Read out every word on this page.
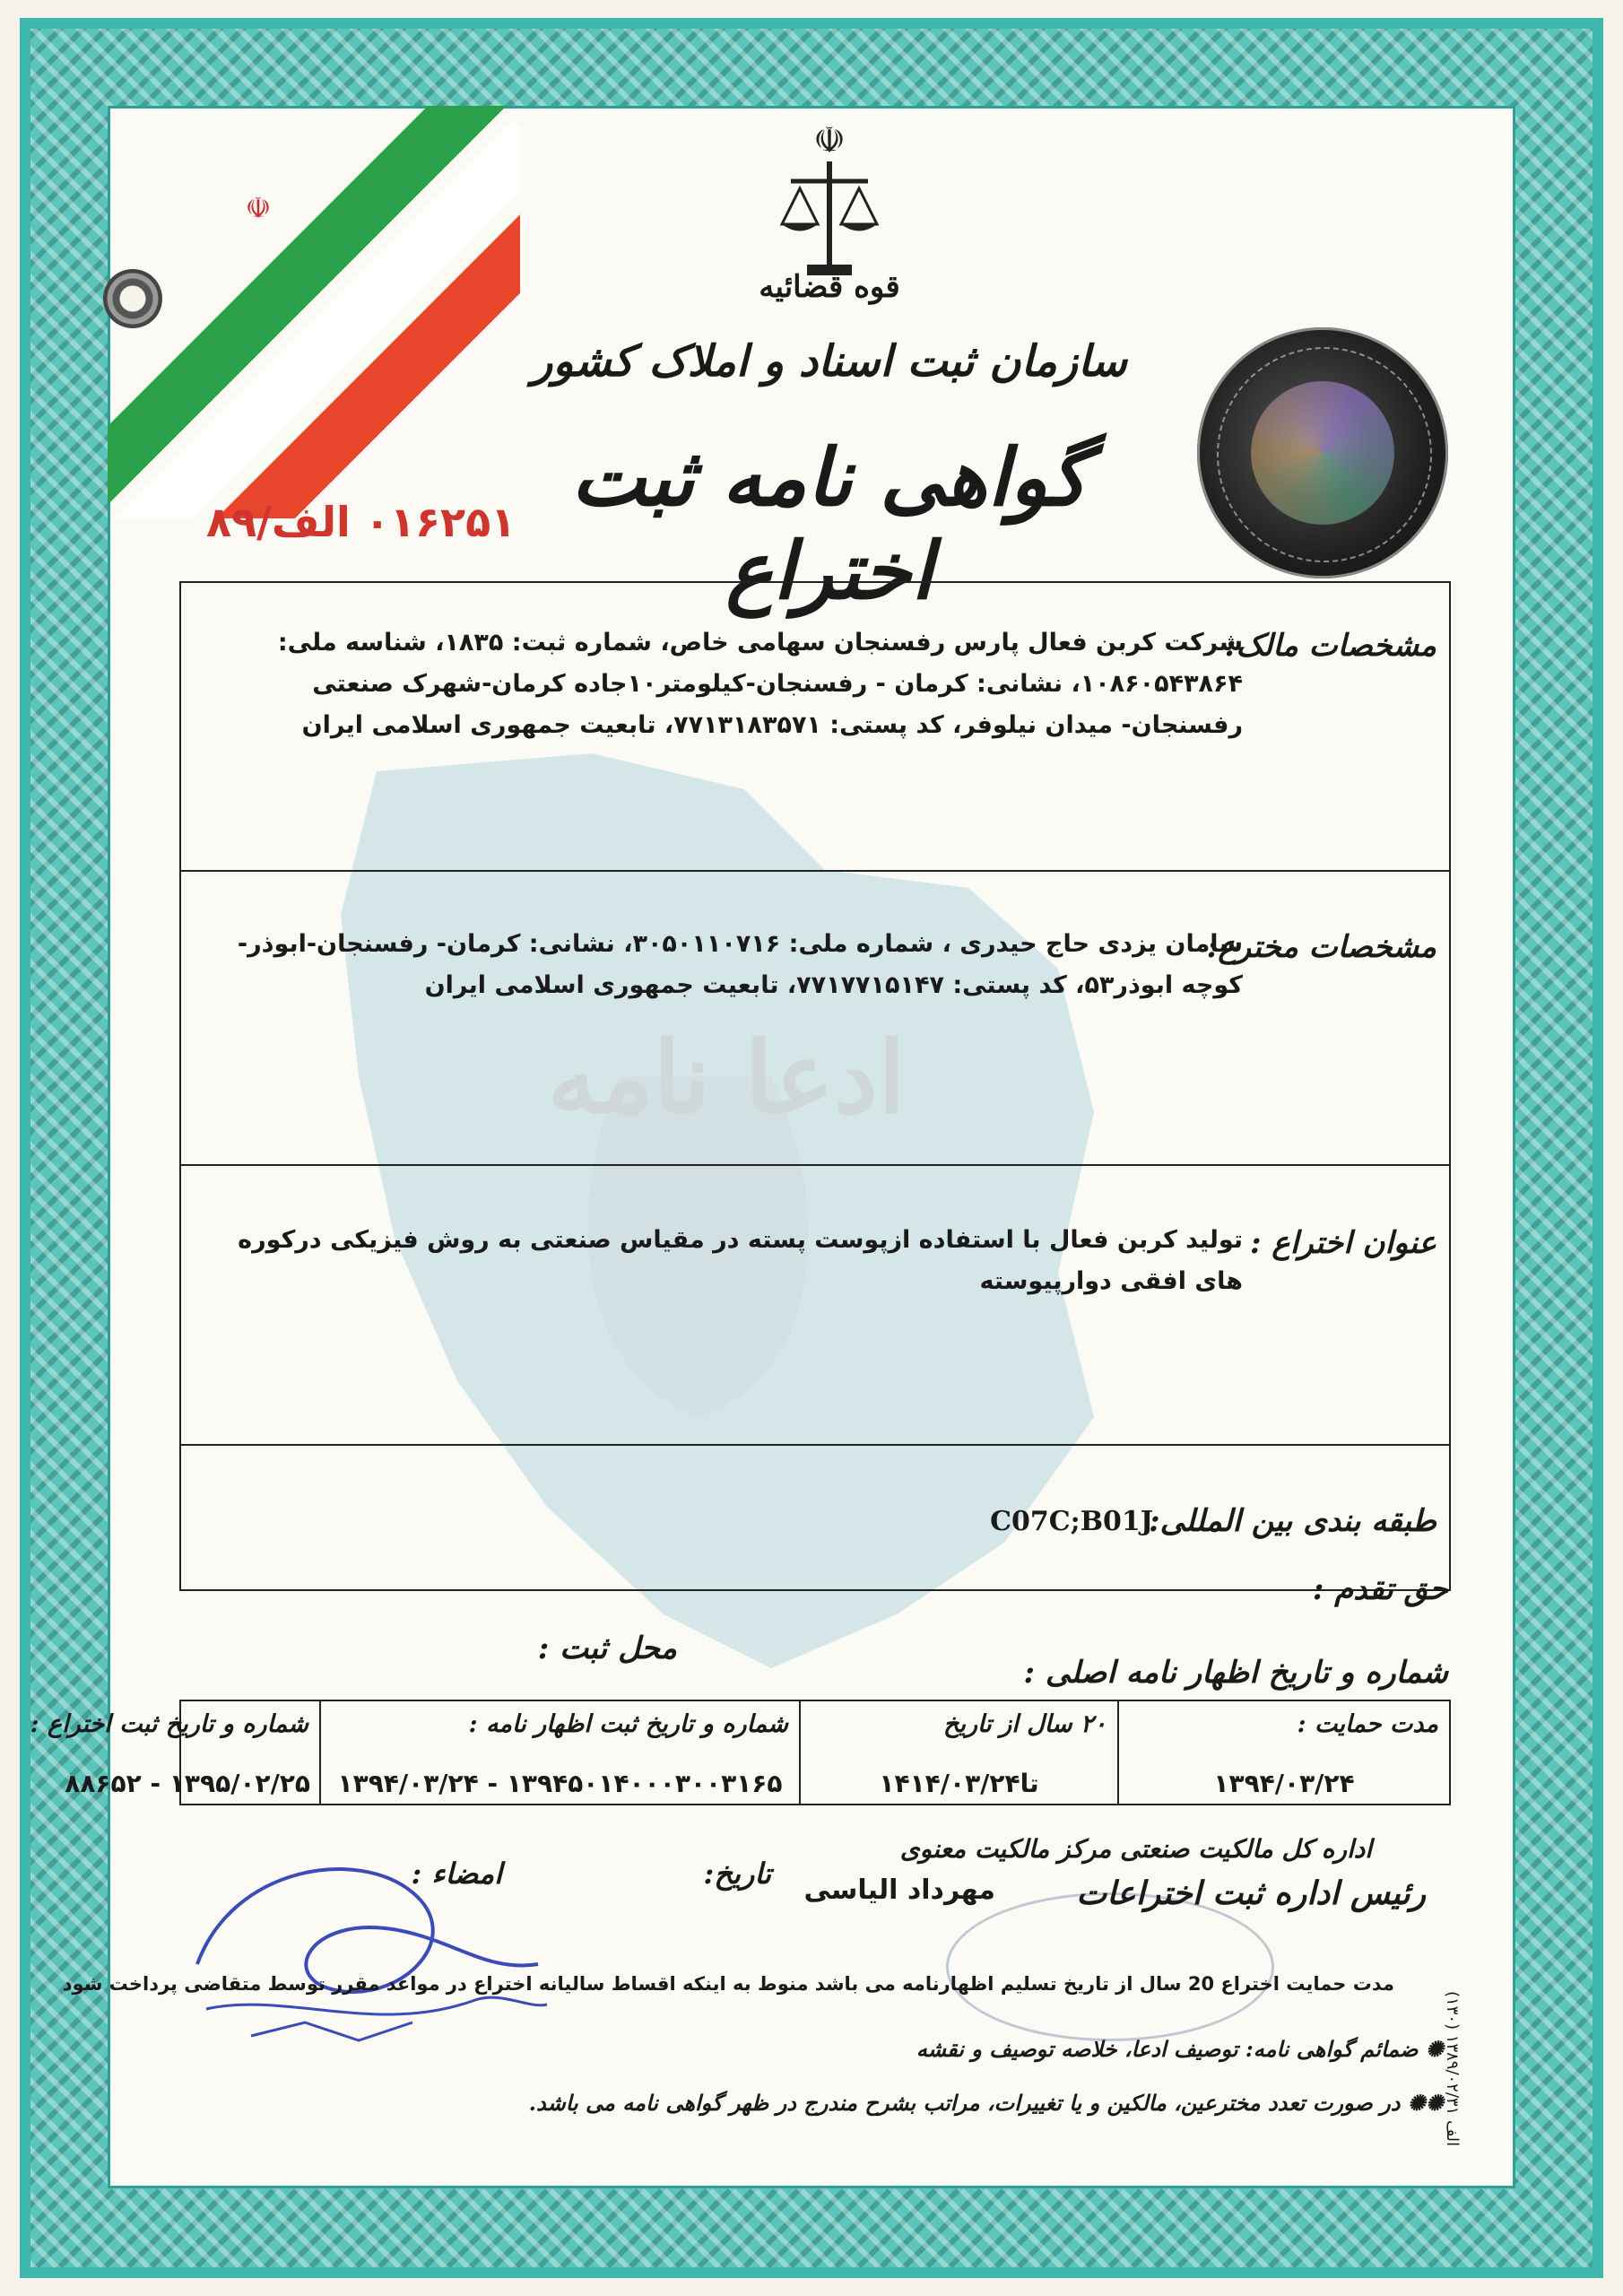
☫
ادعا نامه
☫
قوه قضائیه
سازمان ثبت اسناد و املاک کشور
گواهی نامه ثبت اختراع
۰۱۶۲۵۱ الف/۸۹
مشخصات مالک:
شرکت کربن فعال پارس رفسنجان سهامی خاص، شماره ثبت: ۱۸۳۵، شناسه ملی: ۱۰۸۶۰۵۴۳۸۶۴، نشانی: کرمان - رفسنجان-کیلومتر۱۰جاده کرمان-شهرک صنعتی رفسنجان- میدان نیلوفر، کد پستی: ۷۷۱۳۱۸۳۵۷۱، تابعیت جمهوری اسلامی ایران
مشخصات مخترع:
سامان یزدی حاج حیدری ، شماره ملی: ۳۰۵۰۱۱۰۷۱۶، نشانی: کرمان- رفسنجان-ابوذر- کوچه ابوذر۵۳، کد پستی: ۷۷۱۷۷۱۵۱۴۷، تابعیت جمهوری اسلامی ایران
عنوان اختراع :
تولید کربن فعال با استفاده ازپوست پسته در مقیاس صنعتی به روش فیزیکی درکوره های افقی دوارپیوسته
طبقه بندی بین المللی:
C07C;B01J
حق تقدم :
محل ثبت :
شماره و تاریخ اظهار نامه اصلی :
مدت حمایت :
۱۳۹۴/۰۳/۲۴
۲۰ سال از تاریخ
تا۱۴۱۴/۰۳/۲۴
شماره و تاریخ ثبت اظهار نامه :
۱۳۹۴۵۰۱۴۰۰۰۳۰۰۳۱۶۵ - ۱۳۹۴/۰۳/۲۴
شماره و تاریخ ثبت اختراع :
۱۳۹۵/۰۲/۲۵ - ۸۸۶۵۲
اداره کل مالکیت صنعتی مرکز مالکیت معنوی
رئیس اداره ثبت اختراعات
مهرداد الیاسی
تاریخ:
امضاء :
مدت حمایت اختراع 20 سال از تاریخ تسلیم اظهارنامه می باشد منوط به اینکه اقساط سالیانه اختراع در مواعد مقرر توسط متقاضی پرداخت شود
✺ ضمائم گواهی نامه: توصیف ادعا، خلاصه توصیف و نقشه
✺✺ در صورت تعدد مخترعین، مالکین و یا تغییرات، مراتب بشرح مندرج در ظهر گواهی نامه می باشد.
